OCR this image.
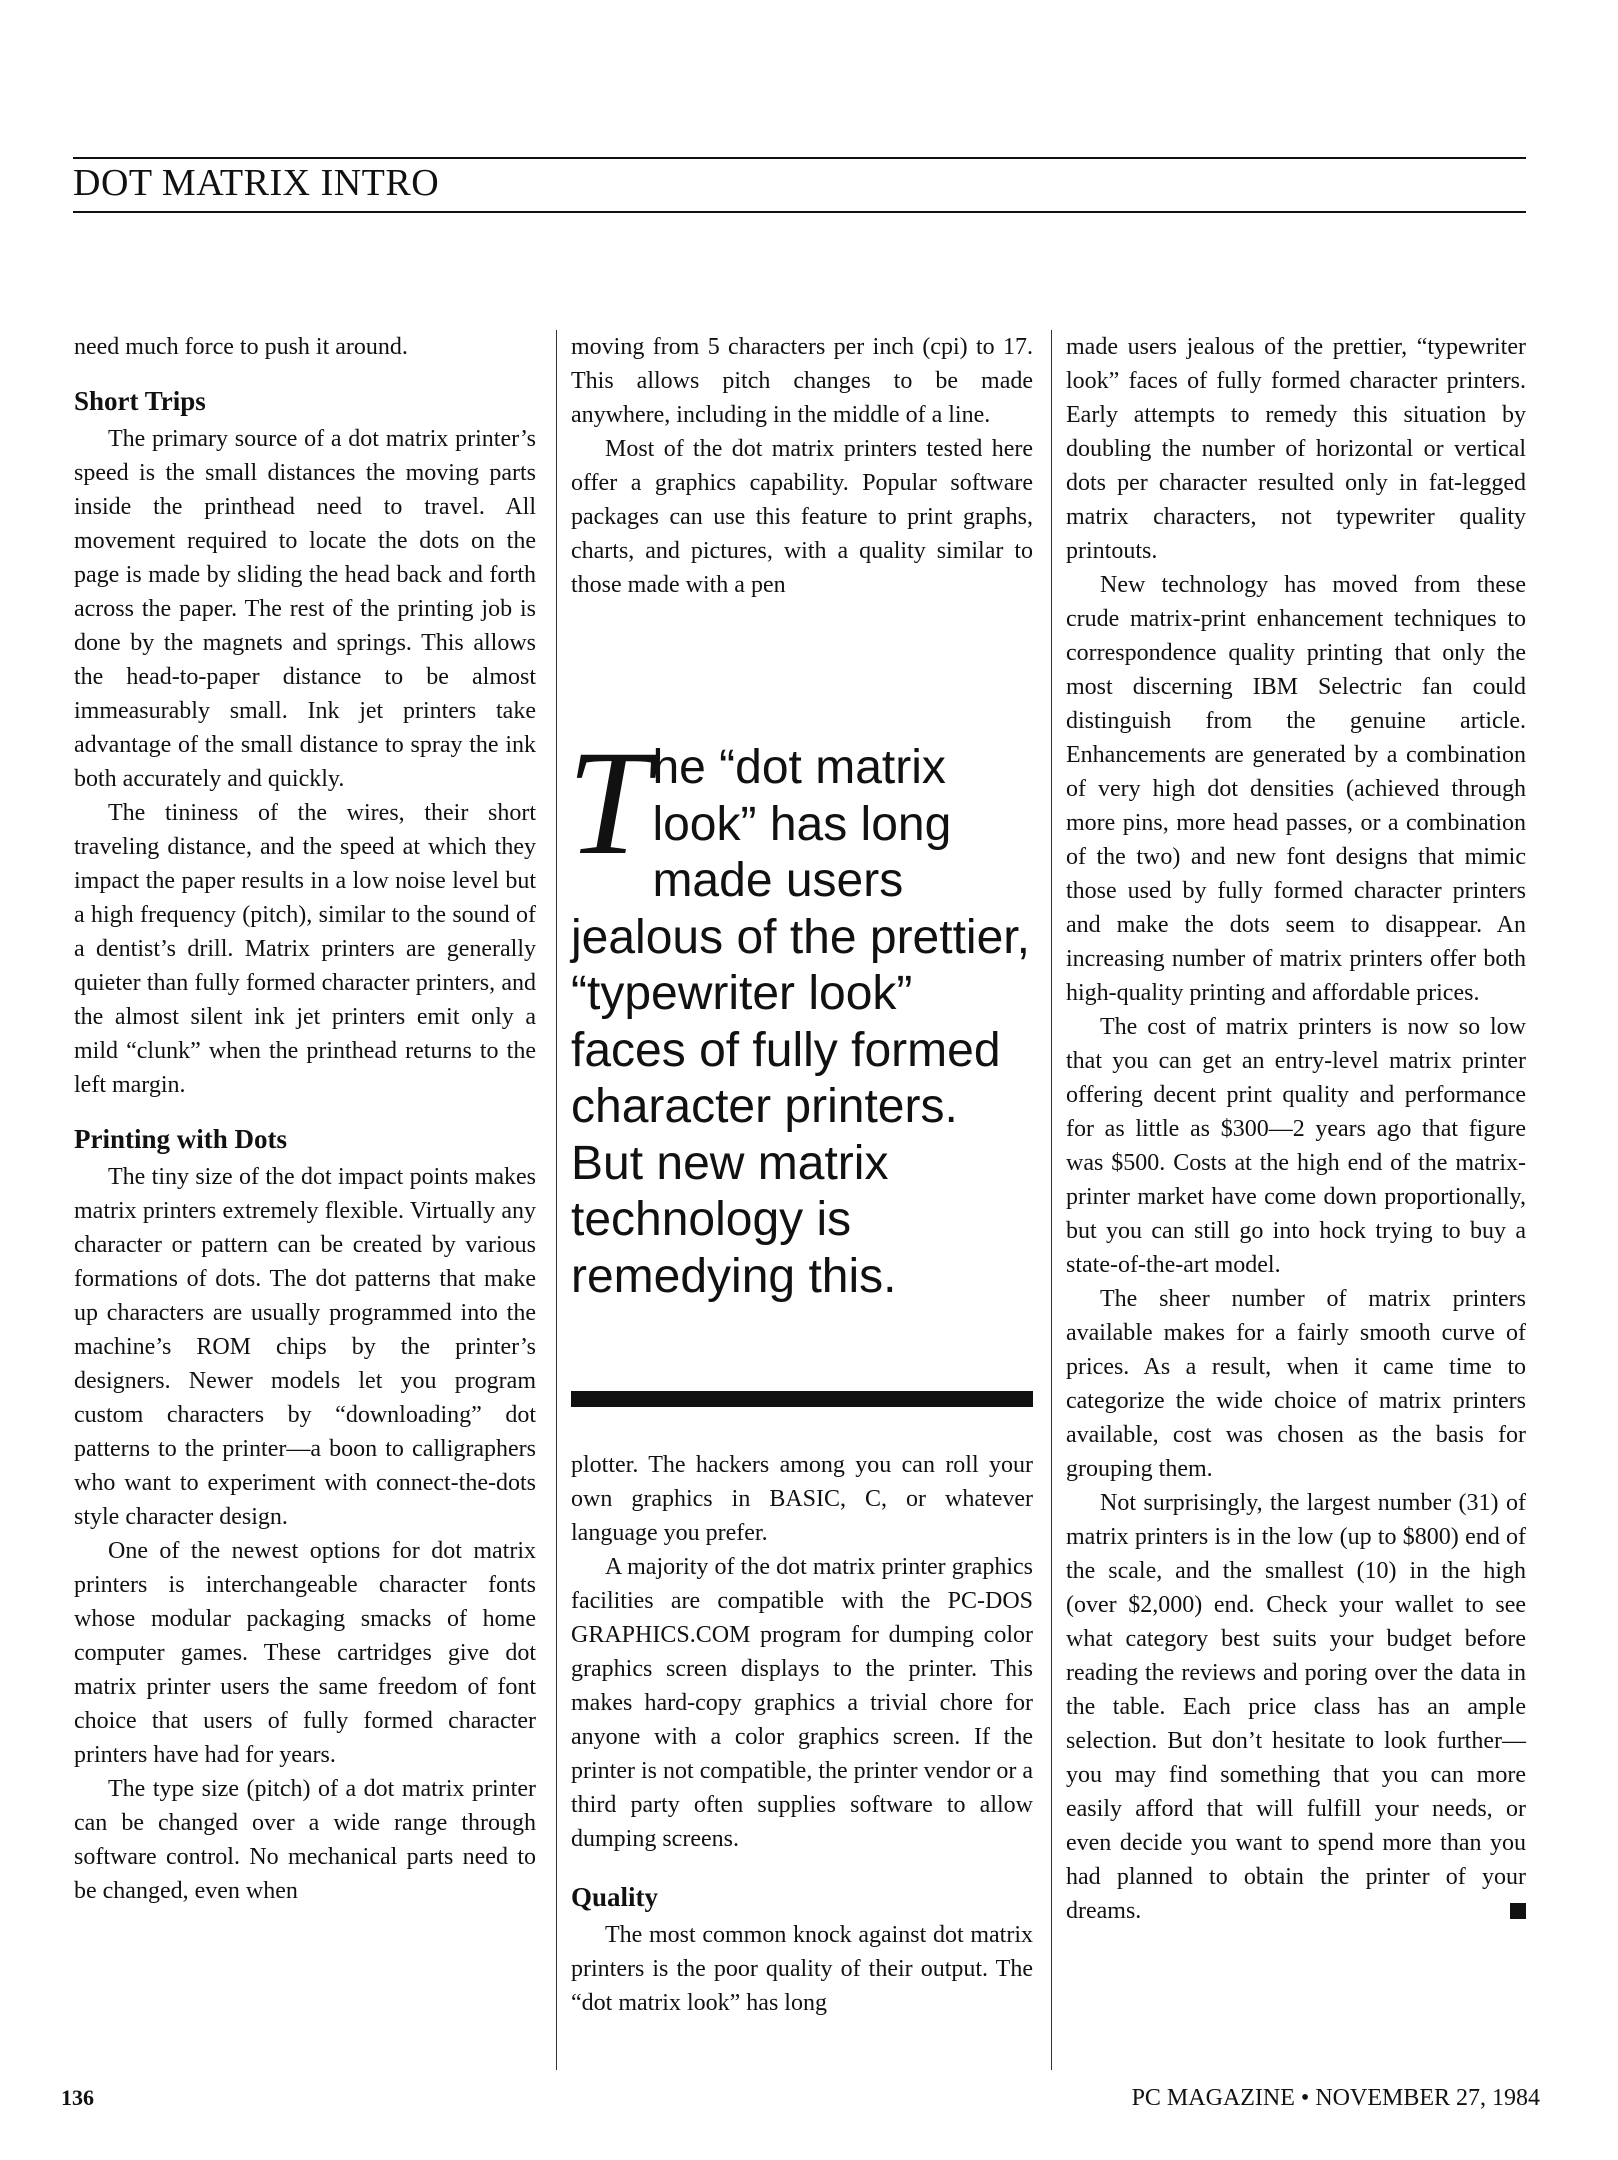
DOT MATRIX INTRO

need much force to push it around.

Short Trips

The primary source of a dot matrix printer’s speed is the small distances the moving parts inside the printhead need to travel. All movement required to locate the dots on the page is made by sliding the head back and forth across the paper. The rest of the printing job is done by the magnets and springs. This allows the head-to-paper distance to be almost immeasurably small. Ink jet printers take advantage of the small distance to spray the ink both accurately and quickly.

The tininess of the wires, their short traveling distance, and the speed at which they impact the paper results in a low noise level but a high frequency (pitch), similar to the sound of a dentist’s drill. Matrix printers are generally quieter than fully formed character printers, and the almost silent ink jet printers emit only a mild “clunk” when the printhead returns to the left margin.

Printing with Dots

The tiny size of the dot impact points makes matrix printers extremely flexible. Virtually any character or pattern can be created by various formations of dots. The dot patterns that make up characters are usually programmed into the machine’s ROM chips by the printer’s designers. Newer models let you program custom characters by “downloading” dot patterns to the printer—a boon to calligraphers who want to experiment with connect-the-dots style character design.

One of the newest options for dot matrix printers is interchangeable character fonts whose modular packaging smacks of home computer games. These cartridges give dot matrix printer users the same freedom of font choice that users of fully formed character printers have had for years.

The type size (pitch) of a dot matrix printer can be changed over a wide range through software control. No mechanical parts need to be changed, even when

moving from 5 characters per inch (cpi) to 17. This allows pitch changes to be made anywhere, including in the middle of a line.

Most of the dot matrix printers tested here offer a graphics capability. Popular software packages can use this feature to print graphs, charts, and pictures, with a quality similar to those made with a pen

The “dot matrix look” has long made users jealous of the prettier, “typewriter look” faces of fully formed character printers. But new matrix technology is remedying this.

plotter. The hackers among you can roll your own graphics in BASIC, C, or whatever language you prefer.

A majority of the dot matrix printer graphics facilities are compatible with the PC-DOS GRAPHICS.COM program for dumping color graphics screen displays to the printer. This makes hard-copy graphics a trivial chore for anyone with a color graphics screen. If the printer is not compatible, the printer vendor or a third party often supplies software to allow dumping screens.

Quality

The most common knock against dot matrix printers is the poor quality of their output. The “dot matrix look” has long

made users jealous of the prettier, “typewriter look” faces of fully formed character printers. Early attempts to remedy this situation by doubling the number of horizontal or vertical dots per character resulted only in fat-legged matrix characters, not typewriter quality printouts.

New technology has moved from these crude matrix-print enhancement techniques to correspondence quality printing that only the most discerning IBM Selectric fan could distinguish from the genuine article. Enhancements are generated by a combination of very high dot densities (achieved through more pins, more head passes, or a combination of the two) and new font designs that mimic those used by fully formed character printers and make the dots seem to disappear. An increasing number of matrix printers offer both high-quality printing and affordable prices.

The cost of matrix printers is now so low that you can get an entry-level matrix printer offering decent print quality and performance for as little as $300—2 years ago that figure was $500. Costs at the high end of the matrix-printer market have come down proportionally, but you can still go into hock trying to buy a state-of-the-art model.

The sheer number of matrix printers available makes for a fairly smooth curve of prices. As a result, when it came time to categorize the wide choice of matrix printers available, cost was chosen as the basis for grouping them.

Not surprisingly, the largest number (31) of matrix printers is in the low (up to $800) end of the scale, and the smallest (10) in the high (over $2,000) end. Check your wallet to see what category best suits your budget before reading the reviews and poring over the data in the table. Each price class has an ample selection. But don’t hesitate to look further—you may find something that you can more easily afford that will fulfill your needs, or even decide you want to spend more than you had planned to obtain the printer of your dreams.

136	PC MAGAZINE • NOVEMBER 27, 1984
